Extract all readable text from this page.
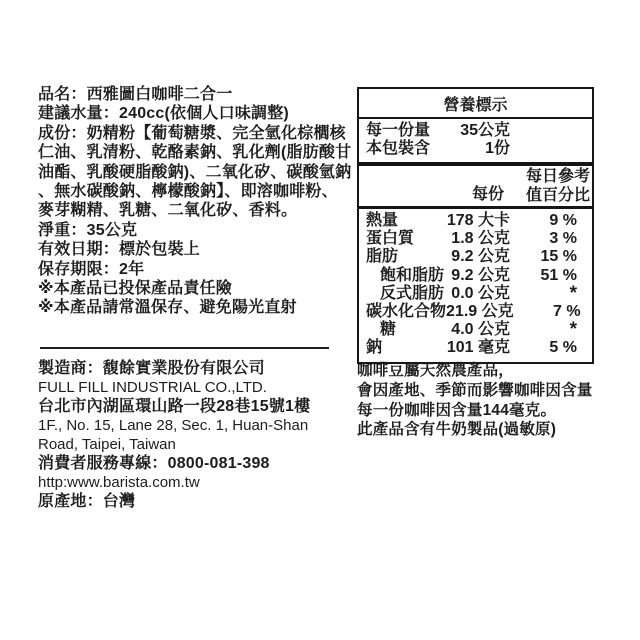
品名：西雅圖白咖啡二合一
建議水量：240cc(依個人口味調整)
成份：奶精粉【葡萄糖漿、完全氫化棕櫚核
仁油、乳清粉、乾酪素鈉、乳化劑(脂肪酸甘
油酯、乳酸硬脂酸鈉)、二氧化矽、碳酸氫鈉
、無水碳酸鈉、檸檬酸鈉】、即溶咖啡粉、
麥芽糊精、乳糖、二氧化矽、香料。
淨重：35公克
有效日期：標於包裝上
保存期限：2年
※本產品已投保產品責任險
※本產品請常溫保存、避免陽光直射
營養標示
每一份量	35公克
本包裝含	1份
每份
每日參考
值百分比
熱量	178 大卡	9 %
蛋白質	1.8 公克	3 %
脂肪	9.2 公克	15 %
飽和脂肪 9.2 公克	51 %
反式脂肪 0.0 公克	*
碳水化合物 21.9 公克	7 %
糖	4.0 公克	*
鈉	101 毫克	5 %
製造商：馥餘實業股份有限公司
FULL FILL INDUSTRIAL CO.,LTD.
台北市內湖區環山路一段28巷15號1樓
1F., No. 15, Lane 28, Sec. 1, Huan-Shan
Road, Taipei, Taiwan
消費者服務專線：0800-081-398
http:www.barista.com.tw
原產地：台灣
咖啡豆屬天然農產品，
會因產地、季節而影響咖啡因含量
每一份咖啡因含量144毫克。
此產品含有牛奶製品(過敏原)
